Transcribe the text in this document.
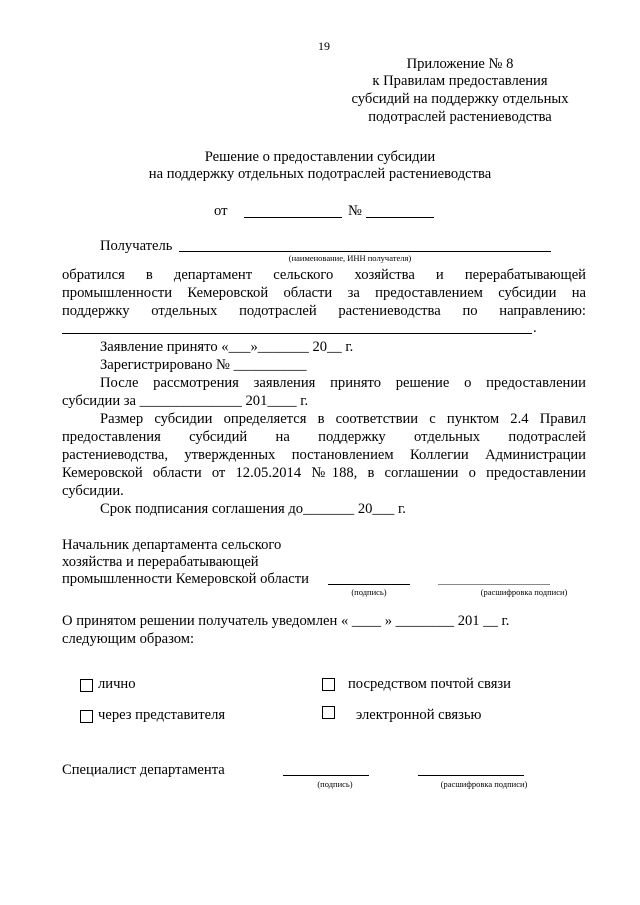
19
Приложение № 8
к Правилам предоставления
субсидий на поддержку отдельных
подотраслей растениеводства
Решение о предоставлении субсидии
на поддержку отдельных подотраслей растениеводства
от	№
Получатель
(наименование, ИНН получателя)
обратился в департамент сельского хозяйства и перерабатывающей
промышленности Кемеровской области за предоставлением субсидии на
поддержку отдельных подотраслей растениеводства по направлению:
.
Заявление принято «___»_______ 20__ г.
Зарегистрировано № __________
После рассмотрения заявления принято решение о предоставлении
субсидии за ______________ 201____ г.
Размер субсидии определяется в соответствии с пунктом 2.4 Правил
предоставления субсидий на поддержку отдельных подотраслей
растениеводства, утвержденных постановлением Коллегии Администрации
Кемеровской области от 12.05.2014 №188, в соглашении о предоставлении
субсидии.
Срок подписания соглашения до_______ 20___ г.
Начальник департамента сельского
хозяйства и перерабатывающей
промышленности Кемеровской области
(подпись)	(расшифровка подписи)
О принятом решении получатель уведомлен « ____ » ________ 201 __ г.
следующим образом:
лично	посредством почтой связи
через представителя	электронной связью
Специалист департамента
(подпись)	(расшифровка подписи)
